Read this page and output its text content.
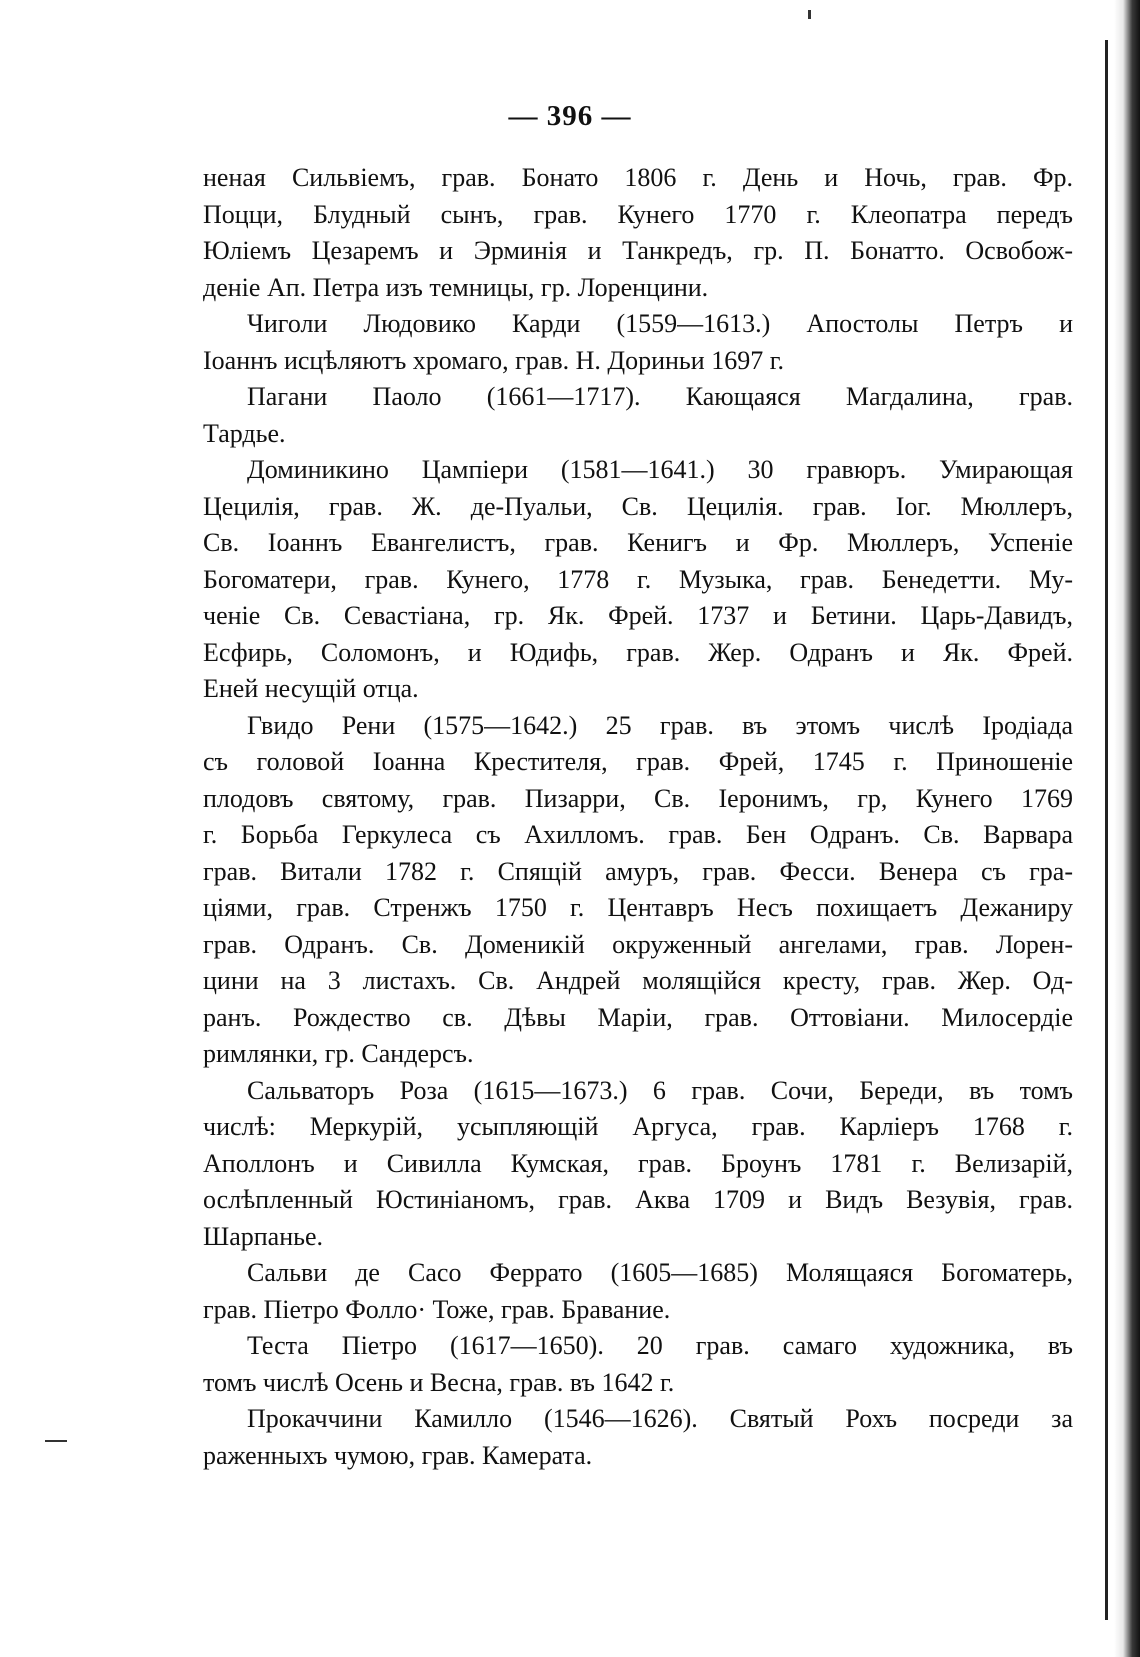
— 396 —
неная Сильвiемъ, грав. Бонато 1806 г. День и Ночь, грав. Фр.
Поцци, Блудный сынъ, грав. Кунего 1770 г. Клеопатра передъ
Юлiемъ Цезаремъ и Эрминiя и Танкредъ, гр. П. Бонатто. Освобож-
денiе Ап. Петра изъ темницы, гр. Лоренцини.
Чиголи Людовико Карди (1559—1613.) Апостолы Петръ и
Iоаннъ исцѣляютъ хромаго, грав. Н. Дориньи 1697 г.
Пагани Паоло (1661—1717). Кающаяся Магдалина, грав.
Тардье.
Доминикино Цампiери (1581—1641.) 30 гравюръ. Умирающая
Цецилiя, грав. Ж. де-Пуальи, Св. Цецилiя. грав. Iог. Мюллеръ,
Св. Iоаннъ Евангелистъ, грав. Кенигъ и Фр. Мюллеръ, Успенiе
Богоматери, грав. Кунего, 1778 г. Музыка, грав. Бенедетти. Му-
ченiе Св. Севастiана, гр. Як. Фрей. 1737 и Бетини. Царь-Давидъ,
Есфирь, Соломонъ, и Юдифь, грав. Жер. Одранъ и Як. Фрей.
Еней несущiй отца.
Гвидо Рени (1575—1642.) 25 грав. въ этомъ числѣ Iродiада
съ головой Iоанна Крестителя, грав. Фрей, 1745 г. Приношенiе
плодовъ святому, грав. Пизарри, Св. Iеронимъ, гр, Кунего 1769
г. Борьба Геркулеса съ Ахилломъ. грав. Бен Одранъ. Св. Варвара
грав. Витали 1782 г. Спящiй амуръ, грав. Фесси. Венера съ гра-
цiями, грав. Стренжъ 1750 г. Центавръ Несъ похищаетъ Дежаниру
грав. Одранъ. Св. Доменикiй окруженный ангелами, грав. Лорен-
цини на 3 листахъ. Св. Андрей молящiйся кресту, грав. Жер. Од-
ранъ. Рождество св. Дѣвы Марiи, грав. Оттовiани. Милосердiе
римлянки, гр. Сандерсъ.
Сальваторъ Роза (1615—1673.) 6 грав. Сочи, Береди, въ томъ
числѣ: Меркурiй, усыпляющiй Аргуса, грав. Карлiеръ 1768 г.
Аполлонъ и Сивилла Кумская, грав. Броунъ 1781 г. Велизарiй,
ослѣпленный Юстинiаномъ, грав. Аква 1709 и Видъ Везувiя, грав.
Шарпанье.
Сальви де Сасо Феррато (1605—1685) Молящаяся Богоматерь,
грав. Пiетро Фолло· Тоже, грав. Бравание.
Теста Пiетро (1617—1650). 20 грав. самаго художника, въ
томъ числѣ Осень и Весна, грав. въ 1642 г.
Прокаччини Камилло (1546—1626). Святый Рохъ посреди за
раженныхъ чумою, грав. Камерата.
